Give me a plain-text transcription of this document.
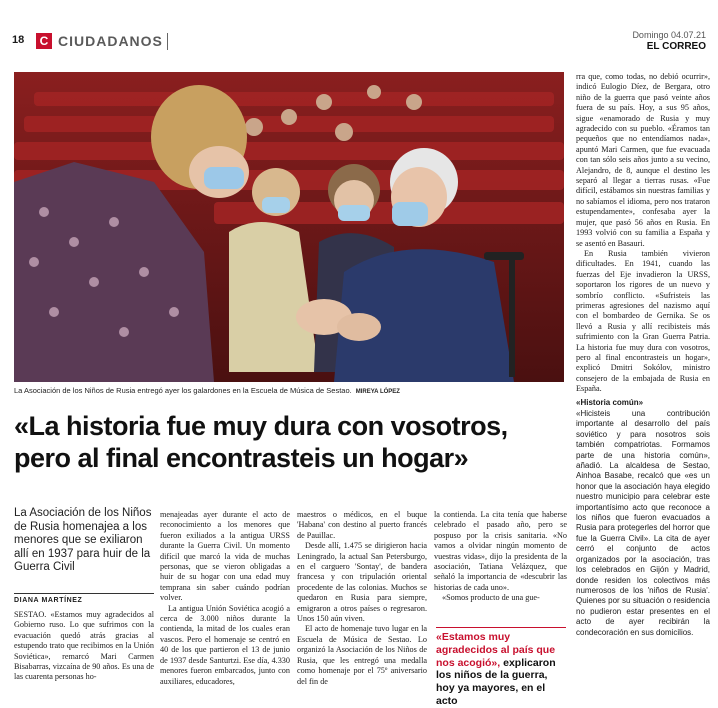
18	C CIUDADANOS	Domingo 04.07.21
EL CORREO
La Asociación de los Niños de Rusia entregó ayer los galardones en la Escuela de Música de Sestao. MIREYA LÓPEZ
«La historia fue muy dura con vosotros,
pero al final encontrasteis un hogar»
La Asociación de los Niños de Rusia homenajea a los menores que se exiliaron allí en 1937 para huir de la Guerra Civil
DIANA MARTÍNEZ

SESTAO. «Estamos muy agradecidos al Gobierno ruso. Lo que sufrimos con la evacuación quedó atrás gracias al estupendo trato que recibimos en la Unión Soviética», remarcó Mari Carmen Bisabarras, vizcaína de 90 años. Es una de las cuarenta personas ho-

menajeadas ayer durante el acto de reconocimiento a los menores que fueron exiliados a la antigua URSS durante la Guerra Civil. Un momento difícil que marcó la vida de muchas personas, que se vieron obligadas a huir de su hogar con una edad muy temprana sin saber cuándo podrían volver.

La antigua Unión Soviética acogió a cerca de 3.000 niños durante la contienda, la mitad de los cuales eran vascos. Pero el homenaje se centró en 40 de los que partieron el 13 de junio de 1937 desde Santurtzi. Ese día, 4.330 menores fueron embarcados, junto con auxiliares, educadores,

maestros o médicos, en el buque 'Habana' con destino al puerto francés de Pauillac.

Desde allí, 1.475 se dirigieron hacia Leningrado, la actual San Petersburgo, en el carguero 'Sontay', de bandera francesa y con tripulación oriental procedente de las colonias. Muchos se quedaron en Rusia para siempre, emigraron a otros países o regresaron. Unos 150 aún viven.

El acto de homenaje tuvo lugar en la Escuela de Música de Sestao. Lo organizó la Asociación de los Niños de Rusia, que les entregó una medalla como homenaje por el 75º aniversario del fin de

la contienda. La cita tenía que haberse celebrado el pasado año, pero se pospuso por la crisis sanitaria. «No vamos a olvidar ningún momento de vuestras vidas», dijo la presidenta de la asociación, Tatiana Velázquez, que señaló la importancia de «descubrir las historias de cada uno».

«Somos producto de una gue-

«Estamos muy agradecidos al país que nos acogió», explicaron los niños de la guerra, hoy ya mayores, en el acto

rra que, como todas, no debió ocurrir», indicó Eulogio Díez, de Bergara, otro niño de la guerra que pasó veinte años fuera de su país. Hoy, a sus 95 años, sigue «enamorado de Rusia y muy agradecido con su pueblo. «Éramos tan pequeños que no entendíamos nada», apuntó Mari Carmen, que fue evacuada con tan sólo seis años junto a su vecino, Alejandro, de 8, aunque el destino les separó al llegar a tierras rusas. «Fue difícil, estábamos sin nuestras familias y no sabíamos el idioma, pero nos trataron estupendamente», confesaba ayer la mujer, que pasó 56 años en Rusia. En 1993 volvió con su familia a España y se asentó en Basauri.

En Rusia también vivieron dificultades. En 1941, cuando las fuerzas del Eje invadieron la URSS, soportaron los rigores de un nuevo y sombrío conflicto. «Sufristeis las primeras agresiones del nazismo aquí con el bombardeo de Gernika. Se os llevó a Rusia y allí recibisteis más sufrimiento con la Gran Guerra Patria. La historia fue muy dura con vosotros, pero al final encontrasteis un hogar», explicó Dmitri Sokólov, ministro consejero de la embajada de Rusia en España.

«Historia común»

«Hicisteis una contribución importante al desarrollo del país soviético y para nosotros sois también compatriotas. Formamos parte de una historia común», añadió. La alcaldesa de Sestao, Ainhoa Basabe, recalcó que «es un honor que la asociación haya elegido nuestro municipio para celebrar este importantísimo acto que reconoce a los niños que fueron evacuados a Rusia para protegerles del horror que fue la Guerra Civil». La cita de ayer cerró el conjunto de actos organizados por la asociación, tras los celebrados en Gijón y Madrid, donde residen los colectivos más numerosos de los 'niños de Rusia'. Quienes por su situación o residencia no pudieron estar presentes en el acto de ayer recibirán la condecoración en sus domicilios.
